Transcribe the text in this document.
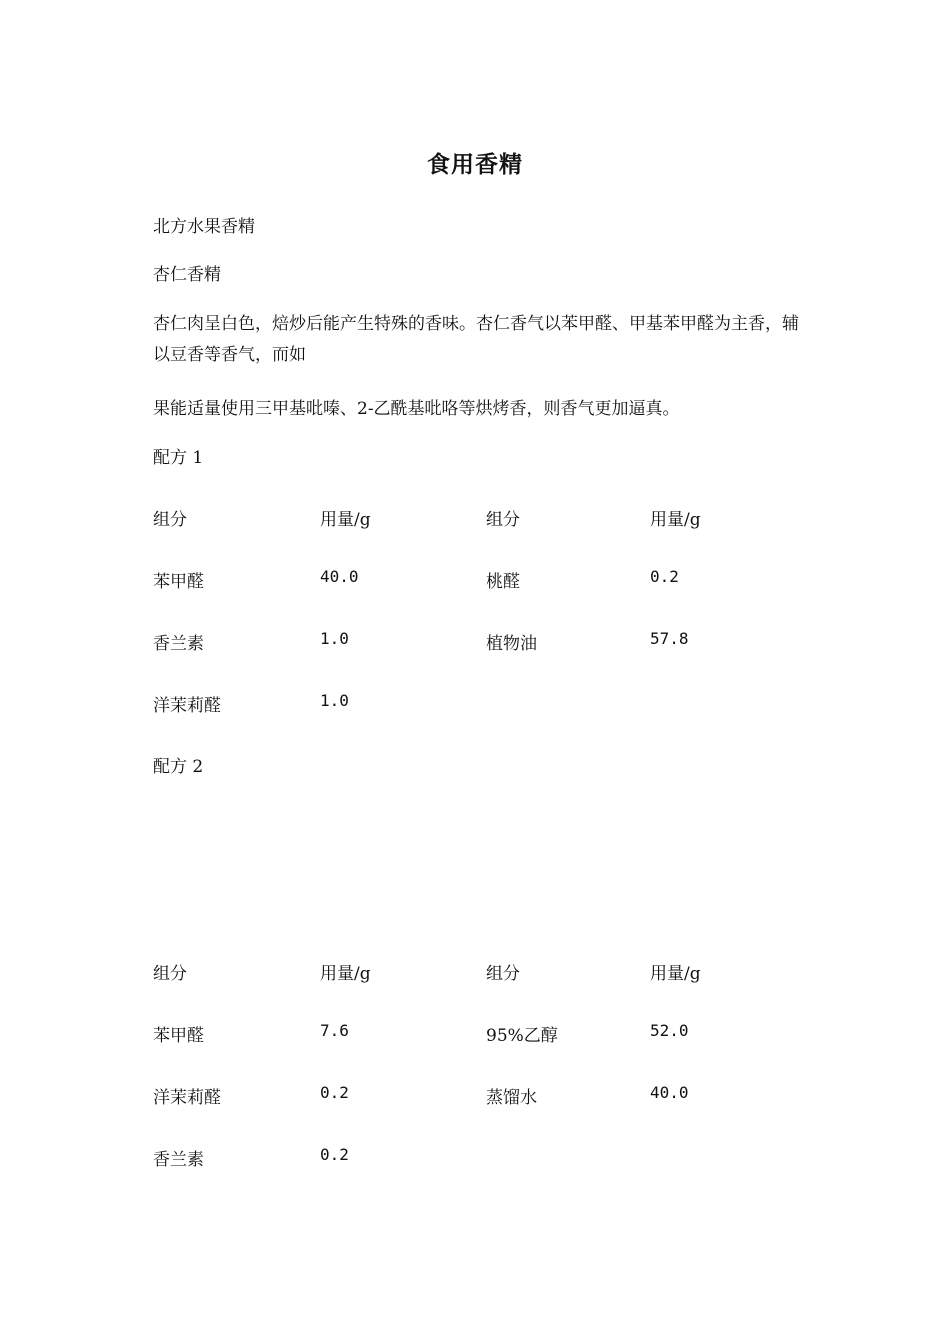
食用香精
北方水果香精
杏仁香精
杏仁肉呈白色，焙炒后能产生特殊的香味。杏仁香气以苯甲醛、甲基苯甲醛为主香，辅以豆香等香气，而如
果能适量使用三甲基吡嗪、2-乙酰基吡咯等烘烤香，则香气更加逼真。
配方 1
组分	用量/g	组分	用量/g
苯甲醛	40.0	桃醛	0.2
香兰素	1.0	植物油	57.8
洋茉莉醛	1.0
配方 2
组分	用量/g	组分	用量/g
苯甲醛	7.6	95%乙醇	52.0
洋茉莉醛	0.2	蒸馏水	40.0
香兰素	0.2
